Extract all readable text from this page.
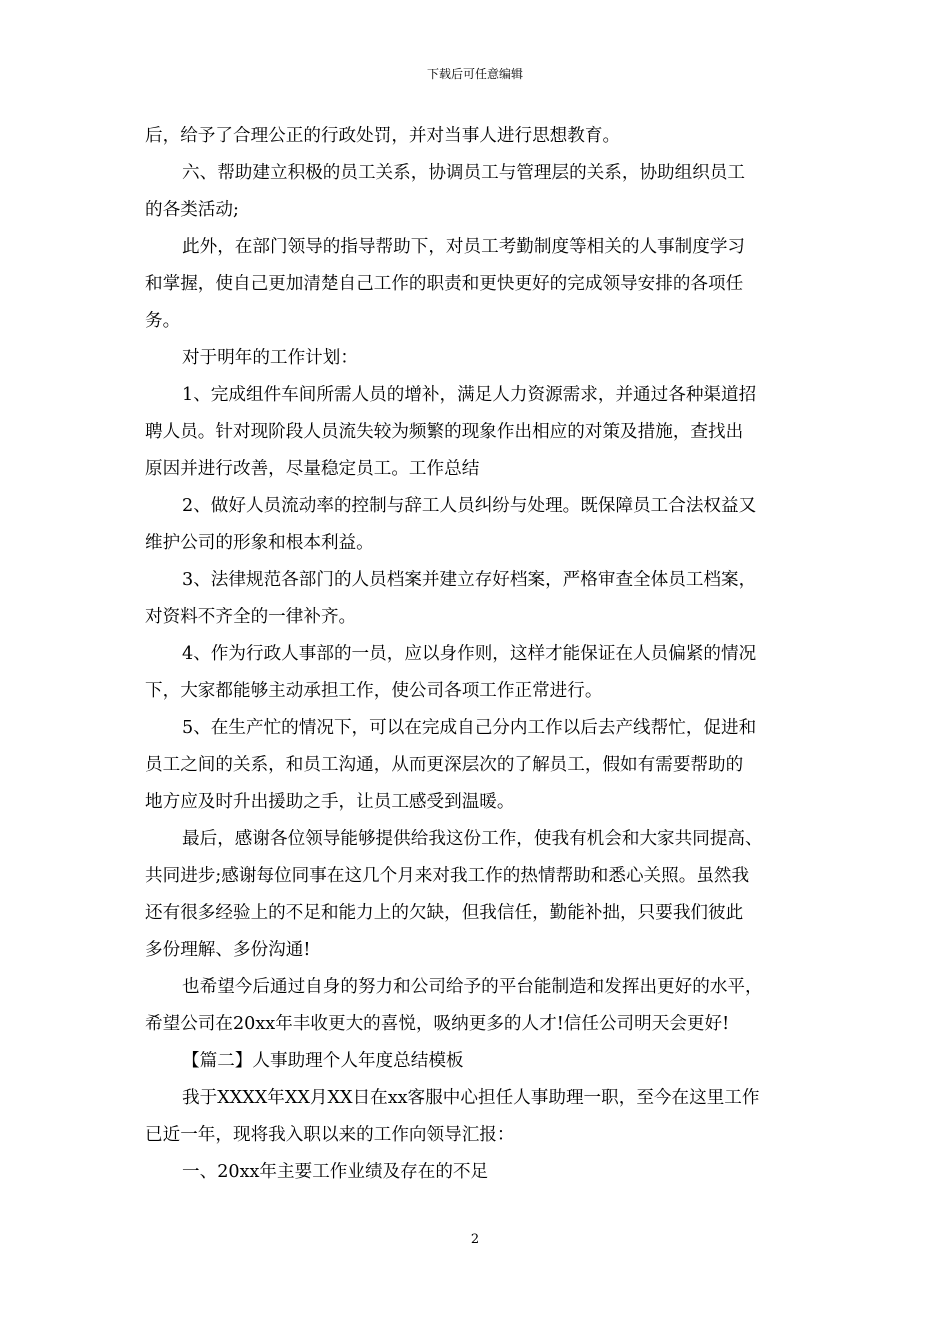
下载后可任意编辑
后，给予了合理公正的行政处罚，并对当事人进行思想教育。
六、帮助建立积极的员工关系，协调员工与管理层的关系，协助组织员工
的各类活动;
此外，在部门领导的指导帮助下，对员工考勤制度等相关的人事制度学习
和掌握，使自己更加清楚自己工作的职责和更快更好的完成领导安排的各项任
务。
对于明年的工作计划：
1、完成组件车间所需人员的增补，满足人力资源需求，并通过各种渠道招
聘人员。针对现阶段人员流失较为频繁的现象作出相应的对策及措施，查找出
原因并进行改善，尽量稳定员工。工作总结
2、做好人员流动率的控制与辞工人员纠纷与处理。既保障员工合法权益又
维护公司的形象和根本利益。
3、法律规范各部门的人员档案并建立存好档案，严格审查全体员工档案，
对资料不齐全的一律补齐。
4、作为行政人事部的一员，应以身作则，这样才能保证在人员偏紧的情况
下，大家都能够主动承担工作，使公司各项工作正常进行。
5、在生产忙的情况下，可以在完成自己分内工作以后去产线帮忙，促进和
员工之间的关系，和员工沟通，从而更深层次的了解员工，假如有需要帮助的
地方应及时升出援助之手，让员工感受到温暖。
最后，感谢各位领导能够提供给我这份工作，使我有机会和大家共同提高、
共同进步;感谢每位同事在这几个月来对我工作的热情帮助和悉心关照。虽然我
还有很多经验上的不足和能力上的欠缺，但我信任，勤能补拙，只要我们彼此
多份理解、多份沟通!
也希望今后通过自身的努力和公司给予的平台能制造和发挥出更好的水平，
希望公司在20xx年丰收更大的喜悦，吸纳更多的人才!信任公司明天会更好!
【篇二】人事助理个人年度总结模板
我于XXXX年XX月XX日在xx客服中心担任人事助理一职，至今在这里工作
已近一年，现将我入职以来的工作向领导汇报：
一、20xx年主要工作业绩及存在的不足
2
